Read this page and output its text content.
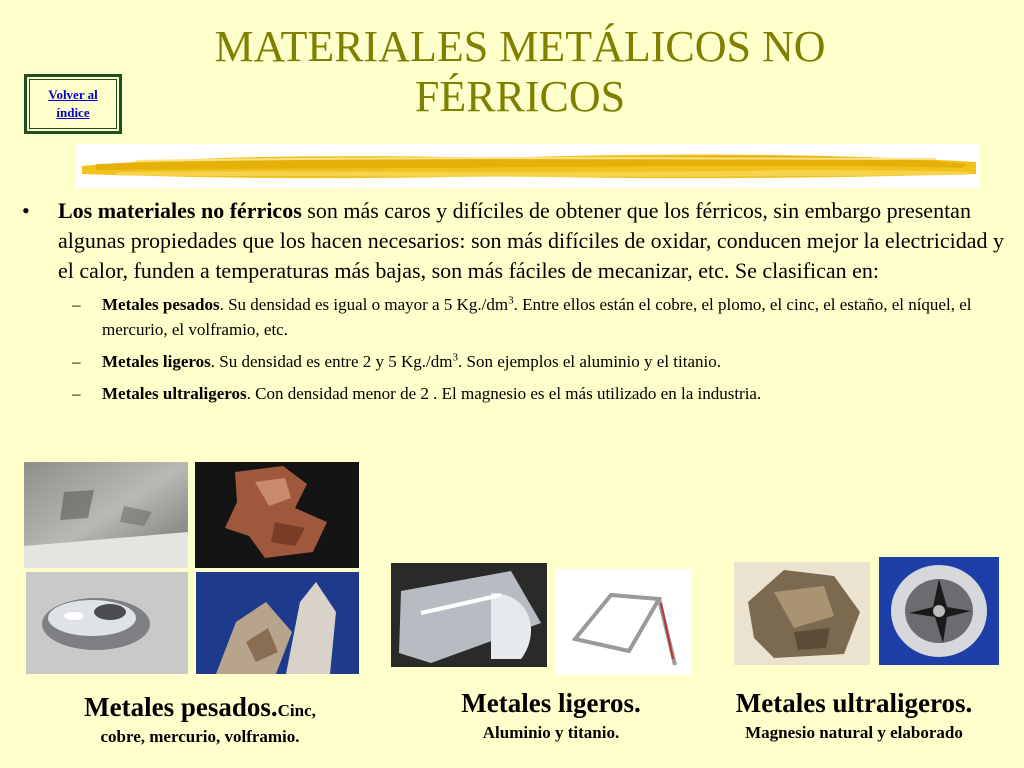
Volver al índice
MATERIALES METÁLICOS NO FÉRRICOS
•	Los materiales no férricos son más caros y difíciles de obtener que los férricos, sin embargo presentan algunas propiedades que los hacen necesarios: son más difíciles de oxidar, conducen mejor la electricidad y el calor, funden a temperaturas más bajas, son más fáciles de mecanizar, etc. Se clasifican en:
–	Metales pesados. Su densidad es igual o mayor a 5 $Kg./dm^3$. Entre ellos están el cobre, el plomo, el cinc, el estaño, el níquel, el mercurio, el volframio, etc.
–	Metales ligeros. Su densidad es entre 2 y 5 $Kg./dm^3$. Son ejemplos el aluminio y el titanio.
–	Metales ultraligeros. Con densidad menor de 2 . El magnesio es el más utilizado en la industria.
Metales pesados.Cinc,
cobre, mercurio, volframio.
Metales ligeros.
Aluminio y titanio.
Metales ultraligeros.
Magnesio natural y elaborado
